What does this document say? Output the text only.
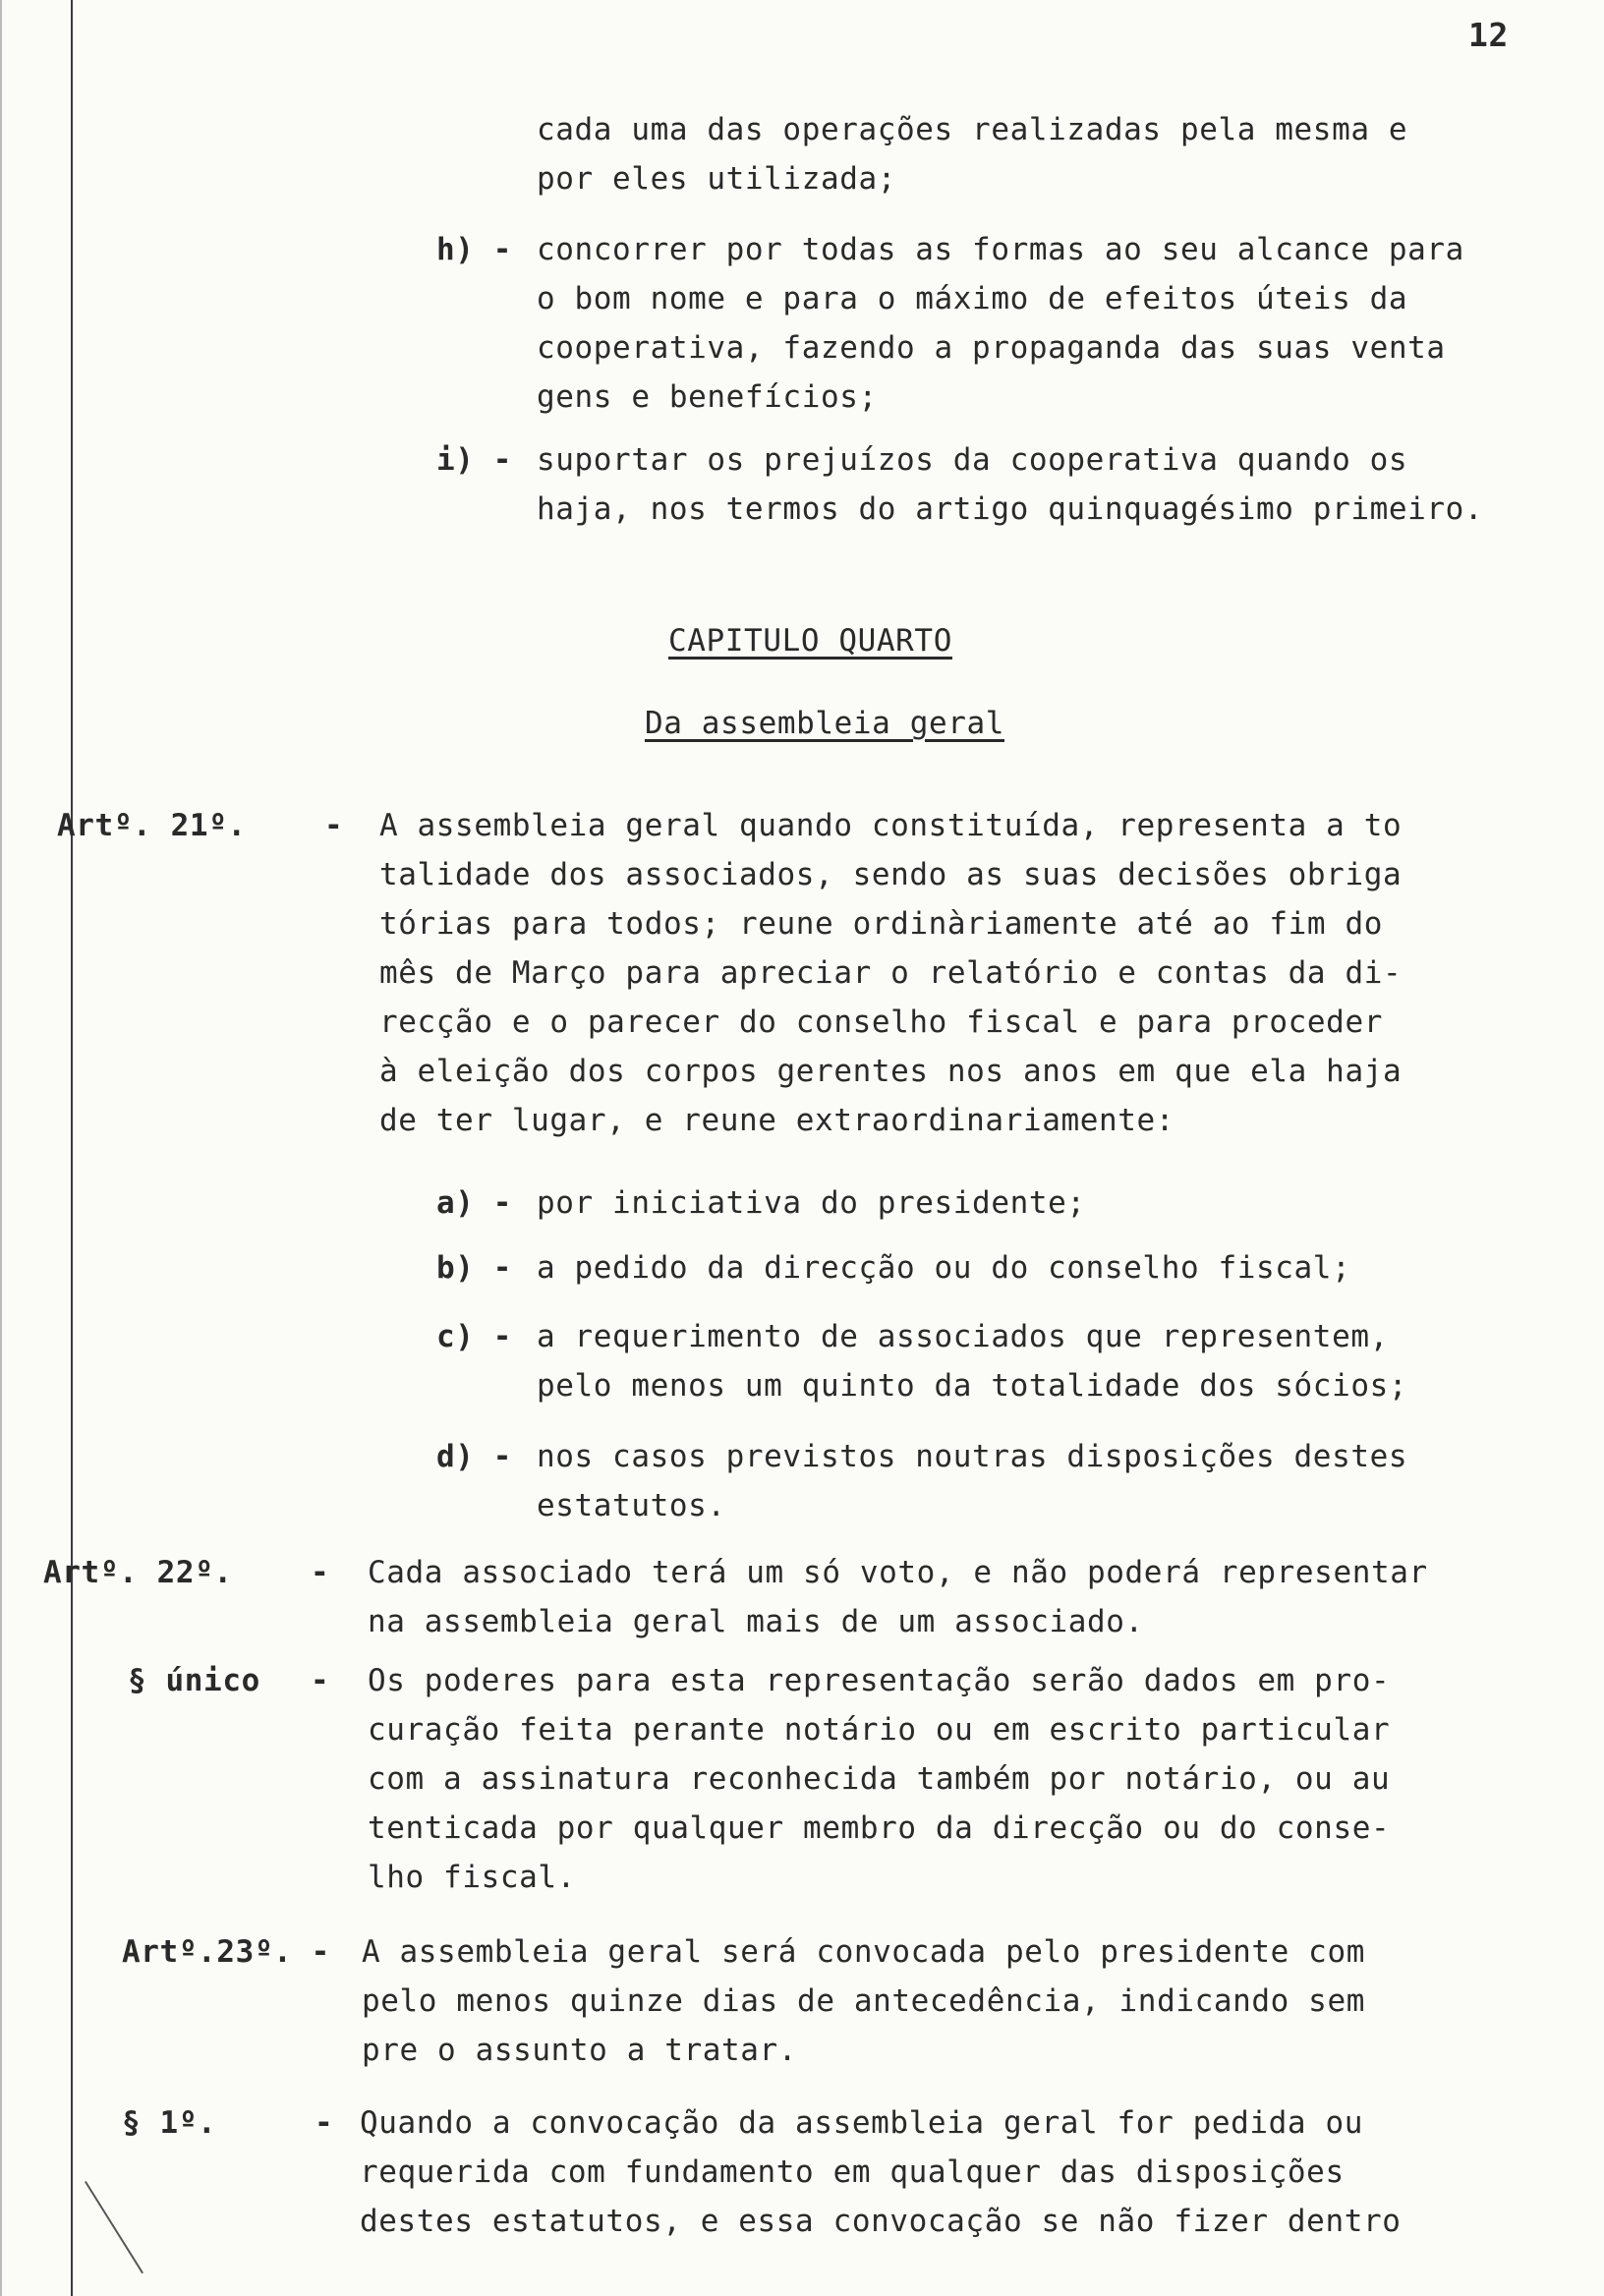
12
cada uma das operações realizadas pela mesma e
por eles utilizada;
h) - concorrer por todas as formas ao seu alcance para
o bom nome e para o máximo de efeitos úteis da
cooperativa, fazendo a propaganda das suas venta
gens e benefícios;
i) - suportar os prejuízos da cooperativa quando os
haja, nos termos do artigo quinquagésimo primeiro.
CAPITULO QUARTO
Da assembleia geral
Artº. 21º.	- A assembleia geral quando constituída, representa a to
talidade dos associados, sendo as suas decisões obriga
tórias para todos; reune ordinàriamente até ao fim do
mês de Março para apreciar o relatório e contas da di-
recção e o parecer do conselho fiscal e para proceder
à eleição dos corpos gerentes nos anos em que ela haja
de ter lugar, e reune extraordinariamente:
a) - por iniciativa do presidente;
b) - a pedido da direcção ou do conselho fiscal;
c) - a requerimento de associados que representem,
pelo menos um quinto da totalidade dos sócios;
d) - nos casos previstos noutras disposições destes
estatutos.
Artº. 22º.	- Cada associado terá um só voto, e não poderá representar
na assembleia geral mais de um associado.
§ único - Os poderes para esta representação serão dados em pro-
curação feita perante notário ou em escrito particular
com a assinatura reconhecida também por notário, ou au
tenticada por qualquer membro da direcção ou do conse-
lho fiscal.
Artº.23º. - A assembleia geral será convocada pelo presidente com
pelo menos quinze dias de antecedência, indicando sem
pre o assunto a tratar.
§ 1º.	- Quando a convocação da assembleia geral for pedida ou
requerida com fundamento em qualquer das disposições
destes estatutos, e essa convocação se não fizer dentro
